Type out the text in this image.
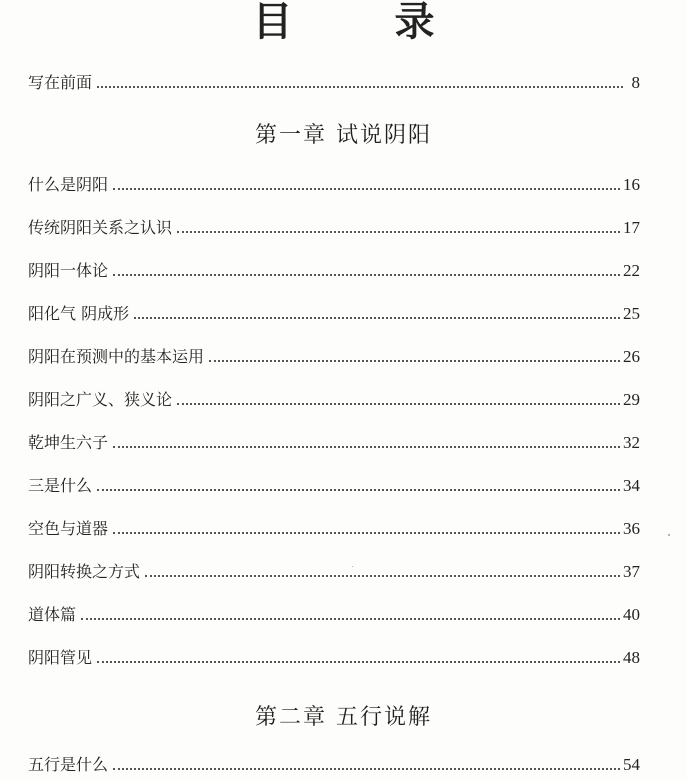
目 录
写在前面	8
第一章 试说阴阳
什么是阴阳	16
传统阴阳关系之认识	17
阴阳一体论	22
阳化气 阴成形	25
阴阳在预测中的基本运用	26
阴阳之广义、狭义论	29
乾坤生六子	32
三是什么	34
空色与道器	36
阴阳转换之方式	37
道体篇	40
阴阳管见	48
第二章 五行说解
五行是什么	54
